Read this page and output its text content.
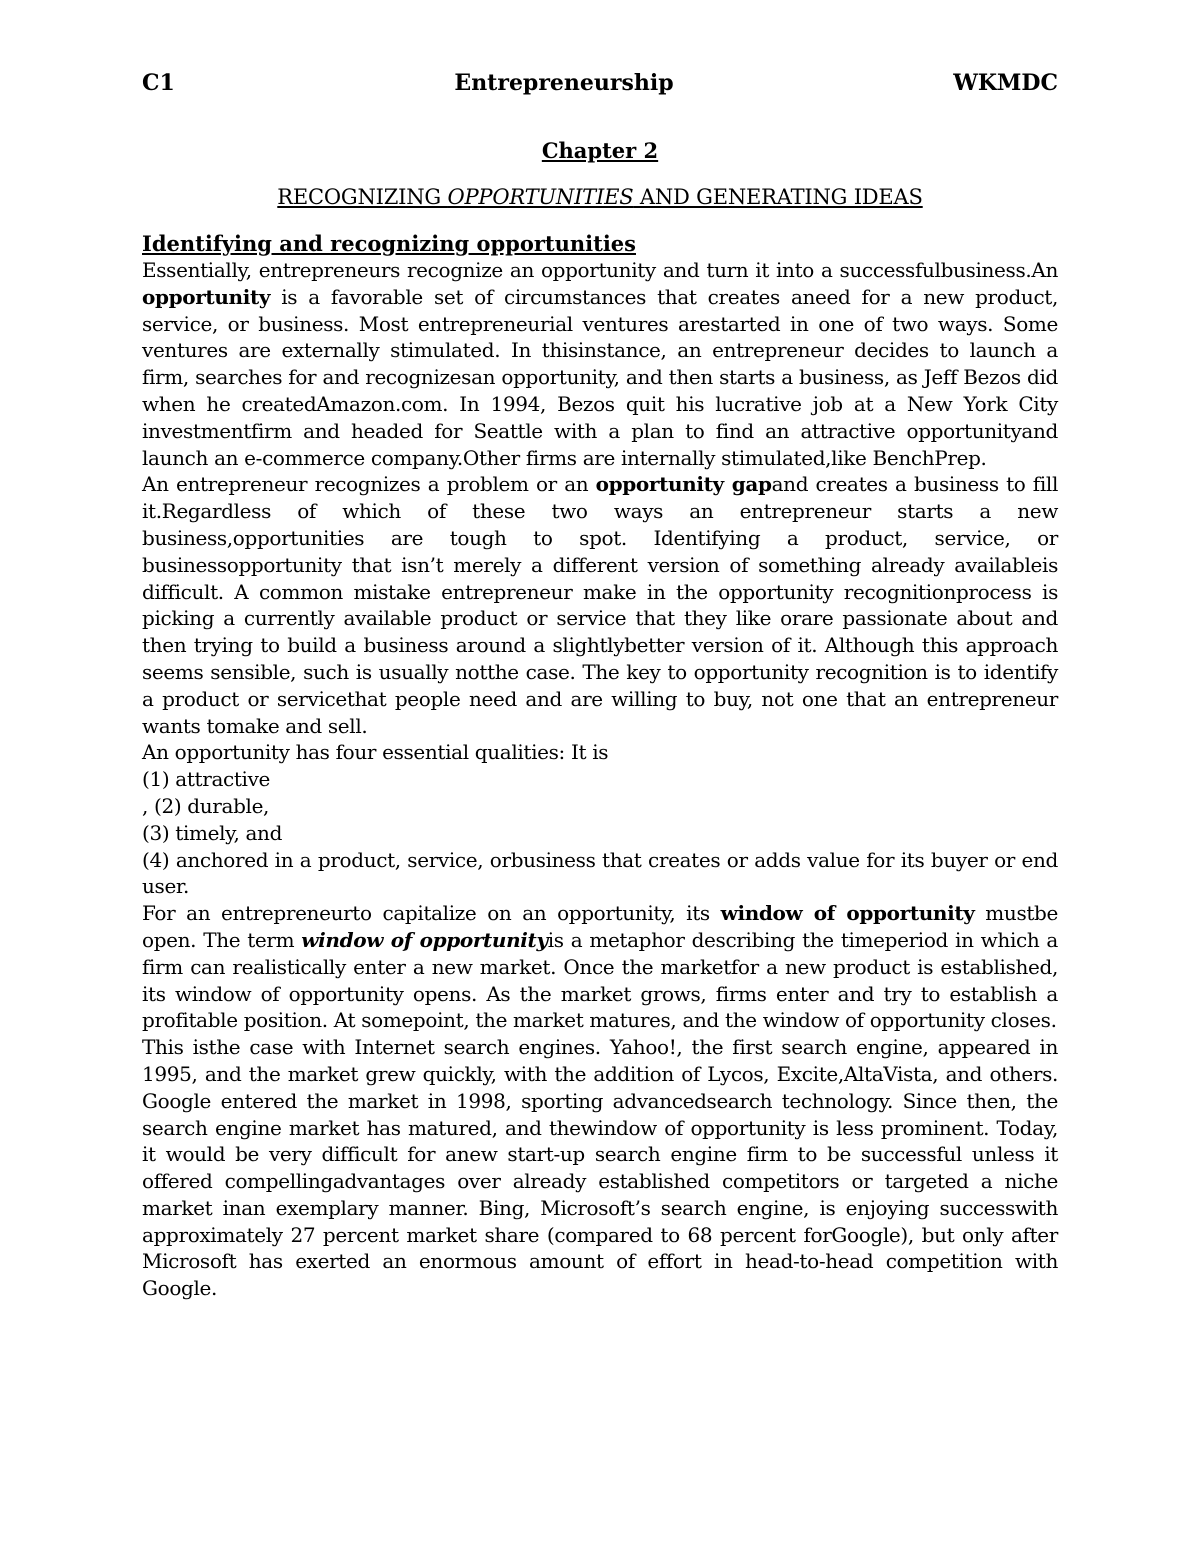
C1	Entrepreneurship	WKMDC
Chapter 2
RECOGNIZING OPPORTUNITIES AND GENERATING IDEAS
Identifying and recognizing opportunities

Essentially, entrepreneurs recognize an opportunity and turn it into a successfulbusiness.An opportunity is a favorable set of circumstances that creates aneed for a new product, service, or business. Most entrepreneurial ventures arestarted in one of two ways. Some ventures are externally stimulated. In thisinstance, an entrepreneur decides to launch a firm, searches for and recognizesan opportunity, and then starts a business, as Jeff Bezos did when he createdAmazon.com. In 1994, Bezos quit his lucrative job at a New York City investmentfirm and headed for Seattle with a plan to find an attractive opportunityand launch an e-commerce company.Other firms are internally stimulated,like BenchPrep.

An entrepreneur recognizes a problem or an opportunity gapand creates a business to fill it.Regardless of which of these two ways an entrepreneur starts a new business,opportunities are tough to spot. Identifying a product, service, or businessopportunity that isn’t merely a different version of something already availableis difficult. A common mistake entrepreneur make in the opportunity recognitionprocess is picking a currently available product or service that they like orare passionate about and then trying to build a business around a slightlybetter version of it. Although this approach seems sensible, such is usually notthe case. The key to opportunity recognition is to identify a product or servicethat people need and are willing to buy, not one that an entrepreneur wants tomake and sell.

An opportunity has four essential qualities: It is

(1) attractive

, (2) durable,

(3) timely, and

(4) anchored in a product, service, orbusiness that creates or adds value for its buyer or end user.

For an entrepreneurto capitalize on an opportunity, its window of opportunity mustbe open. The term window of opportunityis a metaphor describing the timeperiod in which a firm can realistically enter a new market. Once the marketfor a new product is established, its window of opportunity opens. As the market grows, firms enter and try to establish a profitable position. At somepoint, the market matures, and the window of opportunity closes.

This isthe case with Internet search engines. Yahoo!, the first search engine, appeared in 1995, and the market grew quickly, with the addition of Lycos, Excite,AltaVista, and others. Google entered the market in 1998, sporting advancedsearch technology. Since then, the search engine market has matured, and thewindow of opportunity is less prominent. Today, it would be very difficult for anew start-up search engine firm to be successful unless it offered compellingadvantages over already established competitors or targeted a niche market inan exemplary manner. Bing, Microsoft’s search engine, is enjoying successwith approximately 27 percent market share (compared to 68 percent forGoogle), but only after Microsoft has exerted an enormous amount of effort in head-to-head competition with Google.
